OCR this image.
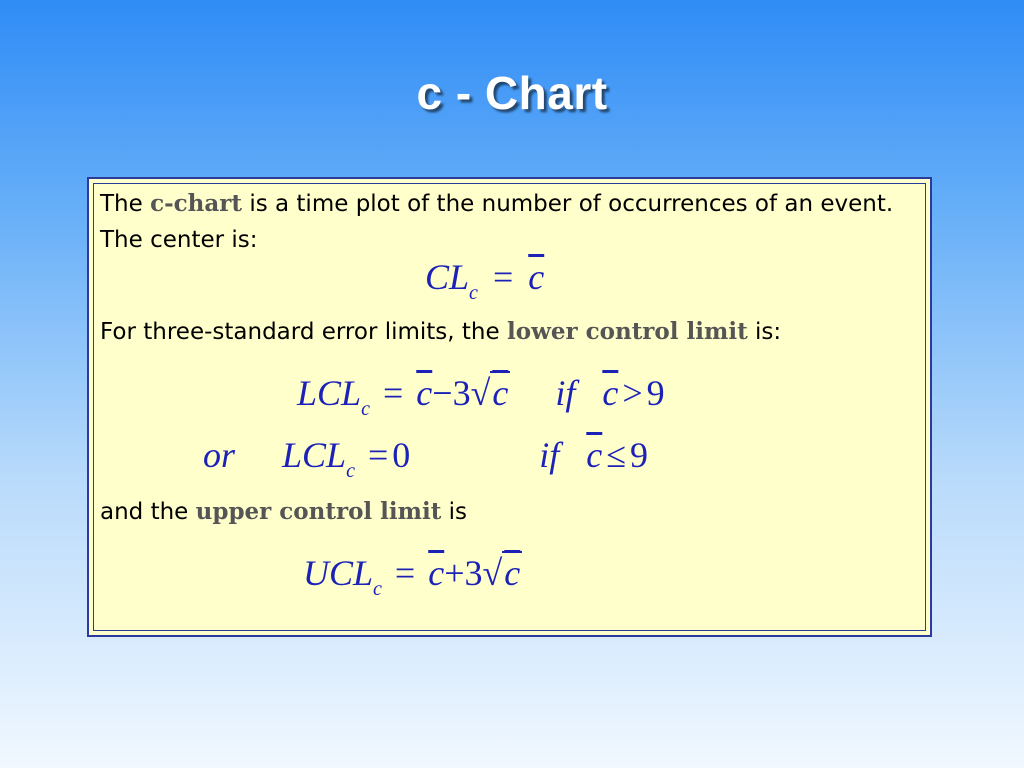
c - Chart
The c-chart is a time plot of the number of occurrences of an event. The center is:
$CL_c = \overline{c}$
For three-standard error limits, the lower control limit is:
$LCL_c = \overline{c}-3√c$ if $\overline{c} > 9$
or $LCL_c = 0$	if $\overline{c} \le 9$
and the upper control limit is
$UCL_c = \overline{c}+3√c$
